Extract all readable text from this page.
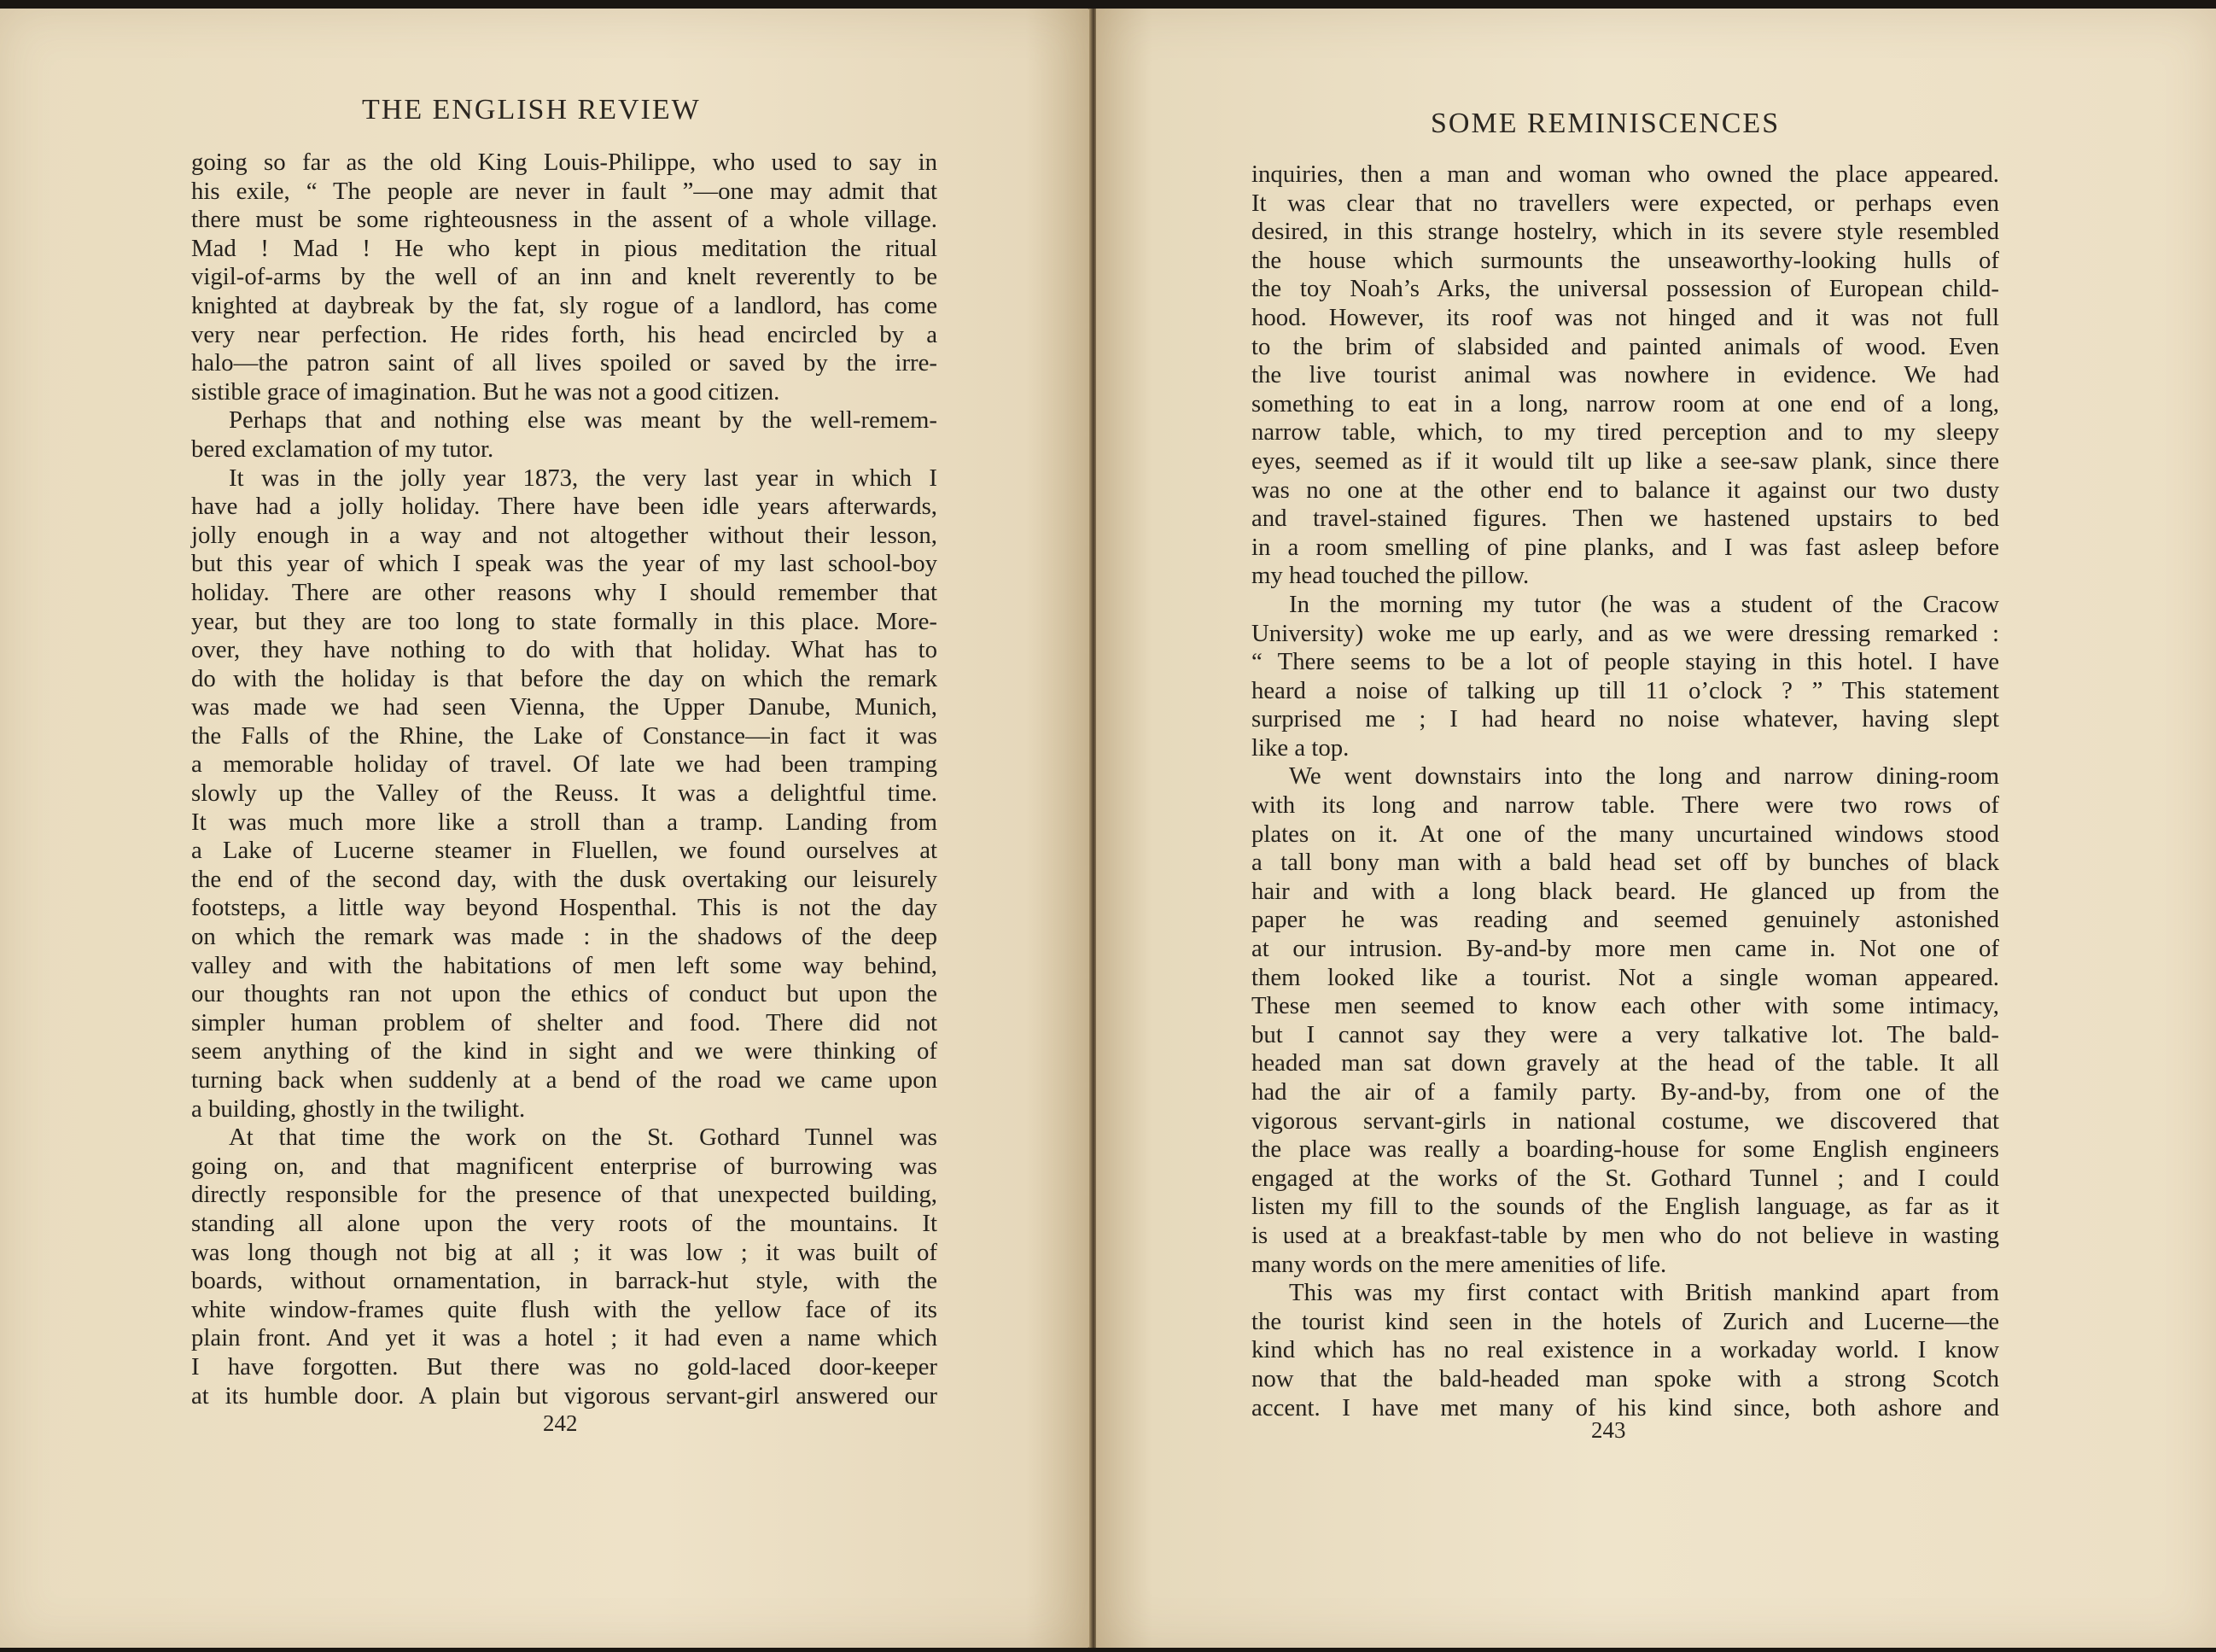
THE ENGLISH REVIEW
going so far as the old King Louis-Philippe, who used to say in
his exile, “ The people are never in fault ”—one may admit that
there must be some righteousness in the assent of a whole village.
Mad ! Mad ! He who kept in pious meditation the ritual
vigil-of-arms by the well of an inn and knelt reverently to be
knighted at daybreak by the fat, sly rogue of a landlord, has come
very near perfection. He rides forth, his head encircled by a
halo—the patron saint of all lives spoiled or saved by the irre-
sistible grace of imagination. But he was not a good citizen.
Perhaps that and nothing else was meant by the well-remem-
bered exclamation of my tutor.
It was in the jolly year 1873, the very last year in which I
have had a jolly holiday. There have been idle years afterwards,
jolly enough in a way and not altogether without their lesson,
but this year of which I speak was the year of my last school-boy
holiday. There are other reasons why I should remember that
year, but they are too long to state formally in this place. More-
over, they have nothing to do with that holiday. What has to
do with the holiday is that before the day on which the remark
was made we had seen Vienna, the Upper Danube, Munich,
the Falls of the Rhine, the Lake of Constance—in fact it was
a memorable holiday of travel. Of late we had been tramping
slowly up the Valley of the Reuss. It was a delightful time.
It was much more like a stroll than a tramp. Landing from
a Lake of Lucerne steamer in Fluellen, we found ourselves at
the end of the second day, with the dusk overtaking our leisurely
footsteps, a little way beyond Hospenthal. This is not the day
on which the remark was made : in the shadows of the deep
valley and with the habitations of men left some way behind,
our thoughts ran not upon the ethics of conduct but upon the
simpler human problem of shelter and food. There did not
seem anything of the kind in sight and we were thinking of
turning back when suddenly at a bend of the road we came upon
a building, ghostly in the twilight.
At that time the work on the St. Gothard Tunnel was
going on, and that magnificent enterprise of burrowing was
directly responsible for the presence of that unexpected building,
standing all alone upon the very roots of the mountains. It
was long though not big at all ; it was low ; it was built of
boards, without ornamentation, in barrack-hut style, with the
white window-frames quite flush with the yellow face of its
plain front. And yet it was a hotel ; it had even a name which
I have forgotten. But there was no gold-laced door-keeper
at its humble door. A plain but vigorous servant-girl answered our
242
SOME REMINISCENCES
inquiries, then a man and woman who owned the place appeared.
It was clear that no travellers were expected, or perhaps even
desired, in this strange hostelry, which in its severe style resembled
the house which surmounts the unseaworthy-looking hulls of
the toy Noah’s Arks, the universal possession of European child-
hood. However, its roof was not hinged and it was not full
to the brim of slabsided and painted animals of wood. Even
the live tourist animal was nowhere in evidence. We had
something to eat in a long, narrow room at one end of a long,
narrow table, which, to my tired perception and to my sleepy
eyes, seemed as if it would tilt up like a see-saw plank, since there
was no one at the other end to balance it against our two dusty
and travel-stained figures. Then we hastened upstairs to bed
in a room smelling of pine planks, and I was fast asleep before
my head touched the pillow.
In the morning my tutor (he was a student of the Cracow
University) woke me up early, and as we were dressing remarked :
“ There seems to be a lot of people staying in this hotel. I have
heard a noise of talking up till 11 o’clock ? ” This statement
surprised me ; I had heard no noise whatever, having slept
like a top.
We went downstairs into the long and narrow dining-room
with its long and narrow table. There were two rows of
plates on it. At one of the many uncurtained windows stood
a tall bony man with a bald head set off by bunches of black
hair and with a long black beard. He glanced up from the
paper he was reading and seemed genuinely astonished
at our intrusion. By-and-by more men came in. Not one of
them looked like a tourist. Not a single woman appeared.
These men seemed to know each other with some intimacy,
but I cannot say they were a very talkative lot. The bald-
headed man sat down gravely at the head of the table. It all
had the air of a family party. By-and-by, from one of the
vigorous servant-girls in national costume, we discovered that
the place was really a boarding-house for some English engineers
engaged at the works of the St. Gothard Tunnel ; and I could
listen my fill to the sounds of the English language, as far as it
is used at a breakfast-table by men who do not believe in wasting
many words on the mere amenities of life.
This was my first contact with British mankind apart from
the tourist kind seen in the hotels of Zurich and Lucerne—the
kind which has no real existence in a workaday world. I know
now that the bald-headed man spoke with a strong Scotch
accent. I have met many of his kind since, both ashore and
243
